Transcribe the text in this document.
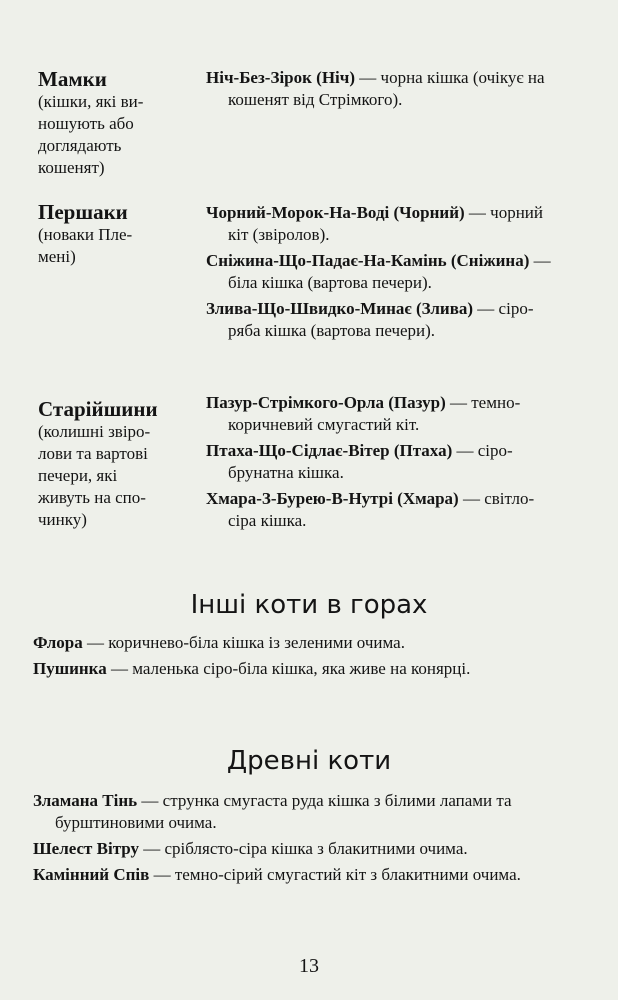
Мамки

(кішки, які ви-
ношують або
доглядають
кошенят)

Ніч-Без-Зірок (Ніч) — чорна кішка (очікує на кошенят від Стрімкого).

Першаки

(новаки Пле-
мені)

Чорний-Морок-На-Воді (Чорний) — чорний кіт (звіролов).

Сніжина-Що-Падає-На-Камінь (Сніжина) — біла кішка (вартова печери).

Злива-Що-Швидко-Минає (Злива) — сіро-ряба кішка (вартова печери).

Старійшини

(колишні звіро-
лови та вартові
печери, які
живуть на спо-
чинку)

Пазур-Стрімкого-Орла (Пазур) — темно-коричневий смугастий кіт.

Птаха-Що-Сідлає-Вітер (Птаха) — сіро-брунатна кішка.

Хмара-З-Бурею-В-Нутрі (Хмара) — світло-сіра кішка.

Інші коти в горах

Флора — коричнево-біла кішка із зеленими очима.

Пушинка — маленька сіро-біла кішка, яка живе на конярці.

Древні коти

Зламана Тінь — струнка смугаста руда кішка з білими лапами та бурштиновими очима.

Шелест Вітру — сріблясто-сіра кішка з блакитними очима.

Камінний Спів — темно-сірий смугастий кіт з блакитними очима.

13
